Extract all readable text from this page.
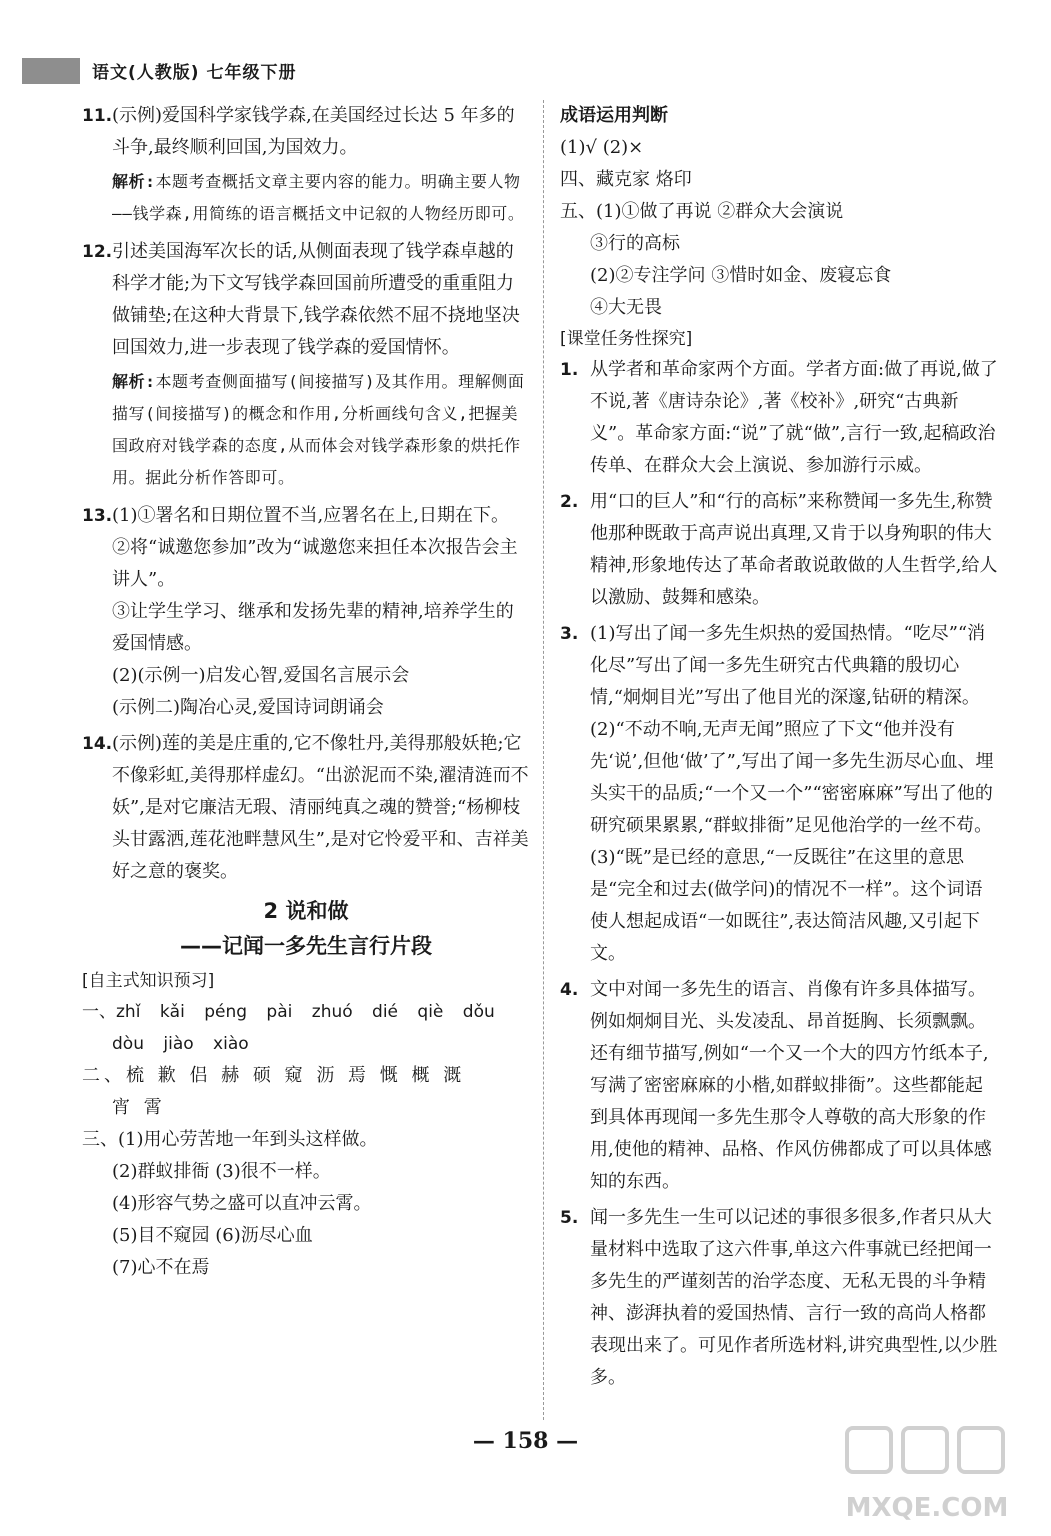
语文(人教版) 七年级下册
11. (示例)爱国科学家钱学森,在美国经过长达 5 年多的斗争,最终顺利回国,为国效力。

解析:本题考查概括文章主要内容的能力。明确主要人物——钱学森,用简练的语言概括文中记叙的人物经历即可。

12. 引述美国海军次长的话,从侧面表现了钱学森卓越的科学才能;为下文写钱学森回国前所遭受的重重阻力做铺垫;在这种大背景下,钱学森依然不屈不挠地坚决回国效力,进一步表现了钱学森的爱国情怀。

解析:本题考查侧面描写(间接描写)及其作用。理解侧面描写(间接描写)的概念和作用,分析画线句含义,把握美国政府对钱学森的态度,从而体会对钱学森形象的烘托作用。据此分析作答即可。

13. (1)①署名和日期位置不当,应署名在上,日期在下。

②将“诚邀您参加”改为“诚邀您来担任本次报告会主讲人”。

③让学生学习、继承和发扬先辈的精神,培养学生的爱国情感。

(2)(示例一)启发心智,爱国名言展示会

(示例二)陶冶心灵,爱国诗词朗诵会

14. (示例)莲的美是庄重的,它不像牡丹,美得那般妖艳;它不像彩虹,美得那样虚幻。“出淤泥而不染,濯清涟而不妖”,是对它廉洁无瑕、清丽纯真之魂的赞誉;“杨柳枝头甘露洒,莲花池畔慧风生”,是对它怜爱平和、吉祥美好之意的褒奖。

2 说和做
——记闻一多先生言行片段
[自主式知识预习]

一、zhǐ kǎi péng pài zhuó dié qiè dǒu

dòu jiào xiào

二、梳 歉 侣 赫 硕 窥 沥 焉 慨 概 溉

宵 霄

三、(1)用心劳苦地一年到头这样做。

(2)群蚁排衙 (3)很不一样。

(4)形容气势之盛可以直冲云霄。

(5)目不窥园 (6)沥尽心血

(7)心不在焉

成语运用判断

(1)√ (2)×

四、藏克家 烙印

五、(1)①做了再说 ②群众大会演说

③行的高标

(2)②专注学问 ③惜时如金、废寝忘食

④大无畏

[课堂任务性探究]
1. 从学者和革命家两个方面。学者方面:做了再说,做了不说,著《唐诗杂论》,著《校补》,研究“古典新义”。革命家方面:“说”了就“做”,言行一致,起稿政治传单、在群众大会上演说、参加游行示威。

2. 用“口的巨人”和“行的高标”来称赞闻一多先生,称赞他那种既敢于高声说出真理,又肯于以身殉职的伟大精神,形象地传达了革命者敢说敢做的人生哲学,给人以激励、鼓舞和感染。

3. (1)写出了闻一多先生炽热的爱国热情。“吃尽”“消化尽”写出了闻一多先生研究古代典籍的殷切心情,“炯炯目光”写出了他目光的深邃,钻研的精深。

(2)“不动不响,无声无闻”照应了下文“他并没有先‘说’,但他‘做’了”,写出了闻一多先生沥尽心血、埋头实干的品质;“一个又一个”“密密麻麻”写出了他的研究硕果累累,“群蚁排衙”足见他治学的一丝不苟。

(3)“既”是已经的意思,“一反既往”在这里的意思是“完全和过去(做学问)的情况不一样”。这个词语使人想起成语“一如既往”,表达简洁风趣,又引起下文。

4. 文中对闻一多先生的语言、肖像有许多具体描写。例如炯炯目光、头发凌乱、昂首挺胸、长须飘飘。还有细节描写,例如“一个又一个大的四方竹纸本子,写满了密密麻麻的小楷,如群蚁排衙”。这些都能起到具体再现闻一多先生那令人尊敬的高大形象的作用,使他的精神、品格、作风仿佛都成了可以具体感知的东西。

5. 闻一多先生一生可以记述的事很多很多,作者只从大量材料中选取了这六件事,单这六件事就已经把闻一多先生的严谨刻苦的治学态度、无私无畏的斗争精神、澎湃执着的爱国热情、言行一致的高尚人格都表现出来了。可见作者所选材料,讲究典型性,以少胜多。

— 158 —
MXQE.COM
